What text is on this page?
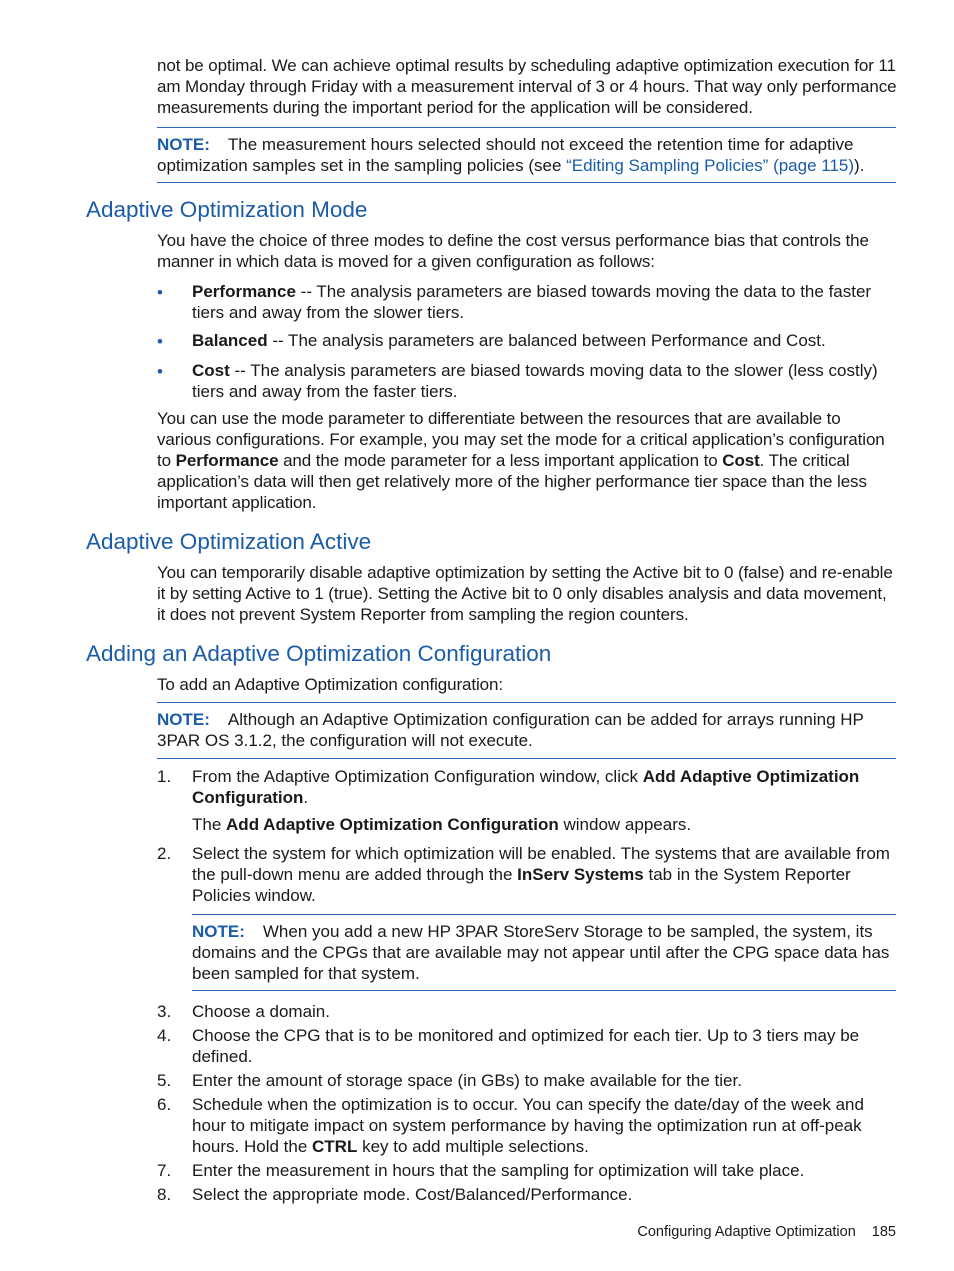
not be optimal. We can achieve optimal results by scheduling adaptive optimization execution for 11 am Monday through Friday with a measurement interval of 3 or 4 hours. That way only performance measurements during the important period for the application will be considered.

NOTE: The measurement hours selected should not exceed the retention time for adaptive optimization samples set in the sampling policies (see “Editing Sampling Policies” (page 115)).
Adaptive Optimization Mode

You have the choice of three modes to define the cost versus performance bias that controls the manner in which data is moved for a given configuration as follows:

• Performance -- The analysis parameters are biased towards moving the data to the faster tiers and away from the slower tiers.

• Balanced -- The analysis parameters are balanced between Performance and Cost.

• Cost -- The analysis parameters are biased towards moving data to the slower (less costly) tiers and away from the faster tiers.

You can use the mode parameter to differentiate between the resources that are available to various configurations. For example, you may set the mode for a critical application’s configuration to Performance and the mode parameter for a less important application to Cost. The critical application’s data will then get relatively more of the higher performance tier space than the less important application.

Adaptive Optimization Active

You can temporarily disable adaptive optimization by setting the Active bit to 0 (false) and re-enable it by setting Active to 1 (true). Setting the Active bit to 0 only disables analysis and data movement, it does not prevent System Reporter from sampling the region counters.

Adding an Adaptive Optimization Configuration

To add an Adaptive Optimization configuration:

NOTE: Although an Adaptive Optimization configuration can be added for arrays running HP 3PAR OS 3.1.2, the configuration will not execute.
1. From the Adaptive Optimization Configuration window, click Add Adaptive Optimization Configuration.

The Add Adaptive Optimization Configuration window appears.

2. Select the system for which optimization will be enabled. The systems that are available from the pull-down menu are added through the InServ Systems tab in the System Reporter Policies window.

NOTE: When you add a new HP 3PAR StoreServ Storage to be sampled, the system, its domains and the CPGs that are available may not appear until after the CPG space data has been sampled for that system.
3. Choose a domain.

4. Choose the CPG that is to be monitored and optimized for each tier. Up to 3 tiers may be defined.

5. Enter the amount of storage space (in GBs) to make available for the tier.

6. Schedule when the optimization is to occur. You can specify the date/day of the week and hour to mitigate impact on system performance by having the optimization run at off-peak hours. Hold the CTRL key to add multiple selections.

7. Enter the measurement in hours that the sampling for optimization will take place.

8. Select the appropriate mode. Cost/Balanced/Performance.

Configuring Adaptive Optimization 185
